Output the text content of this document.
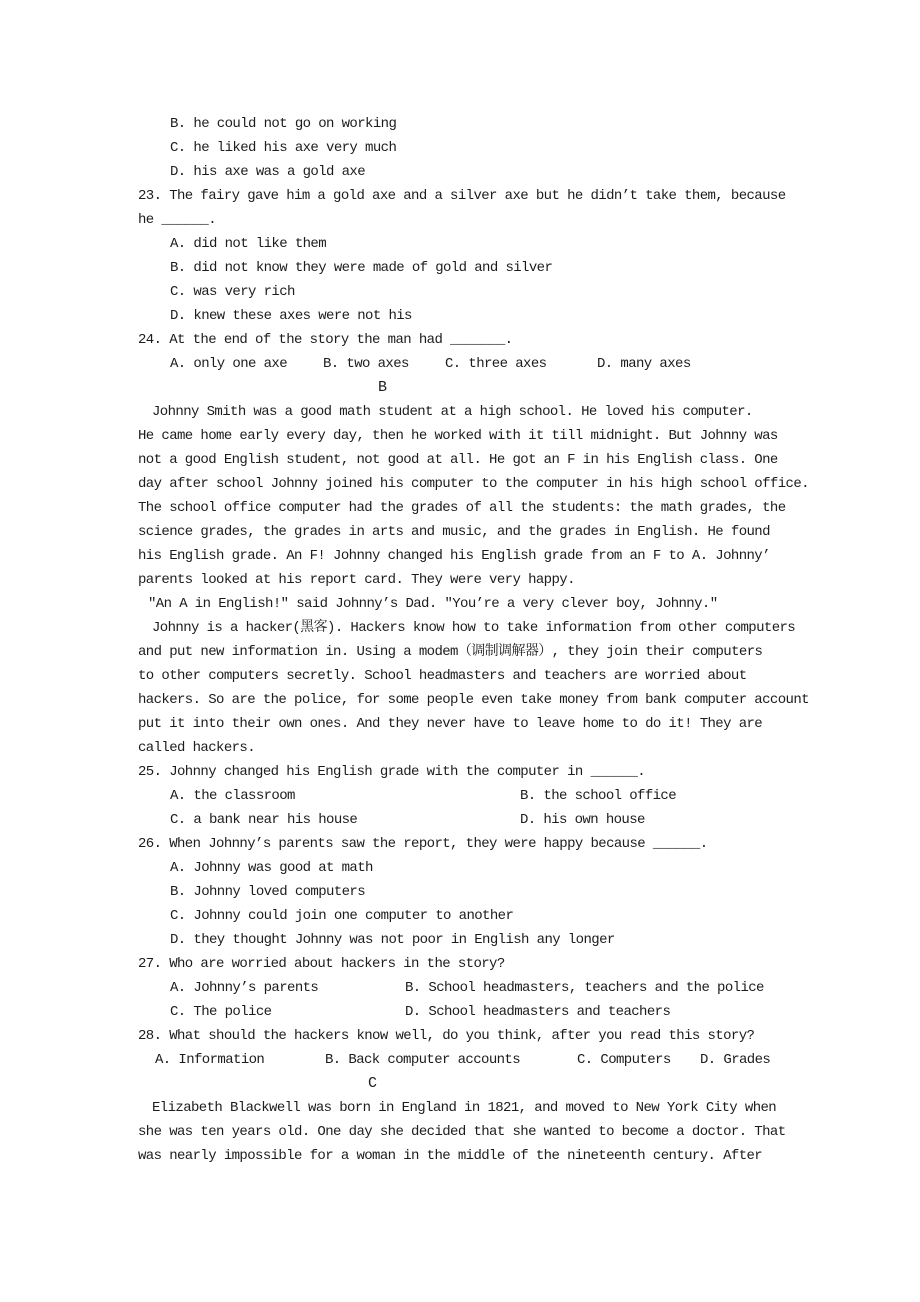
B. he could not go on working
C. he liked his axe very much
D. his axe was a gold axe
23. The fairy gave him a gold axe and a silver axe but he didn’t take them, because
he ______.
A. did not like them
B. did not know they were made of gold and silver
C. was very rich
D. knew these axes were not his
24. At the end of the story the man had _______.
A. only one axe	B. two axes	C. three axes	D. many axes
B
Johnny Smith was a good math student at a high school. He loved his computer.
He came home early every day, then he worked with it till midnight. But Johnny was
not a good English student, not good at all. He got an F in his English class. One
day after school Johnny joined his computer to the computer in his high school office.
The school office computer had the grades of all the students: the math grades, the
science grades, the grades in arts and music, and the grades in English. He found
his English grade. An F! Johnny changed his English grade from an F to A. Johnny’
parents looked at his report card. They were very happy.
″An A in English!″ said Johnny’s Dad. ″You’re a very clever boy, Johnny.″
Johnny is a hacker(黑客). Hackers know how to take information from other computers
and put new information in. Using a modem（调制调解器）, they join their computers
to other computers secretly. School headmasters and teachers are worried about
hackers. So are the police, for some people even take money from bank computer account
put it into their own ones. And they never have to leave home to do it! They are
called hackers.
25. Johnny changed his English grade with the computer in ______.
A. the classroom	B. the school office
C. a bank near his house	D. his own house
26. When Johnny’s parents saw the report, they were happy because ______.
A. Johnny was good at math
B. Johnny loved computers
C. Johnny could join one computer to another
D. they thought Johnny was not poor in English any longer
27. Who are worried about hackers in the story?
A. Johnny’s parents	B. School headmasters, teachers and the police
C. The police	D. School headmasters and teachers
28. What should the hackers know well, do you think, after you read this story?
A. Information	B. Back computer accounts	C. Computers D. Grades
C
Elizabeth Blackwell was born in England in 1821, and moved to New York City when
she was ten years old. One day she decided that she wanted to become a doctor. That
was nearly impossible for a woman in the middle of the nineteenth century. After
